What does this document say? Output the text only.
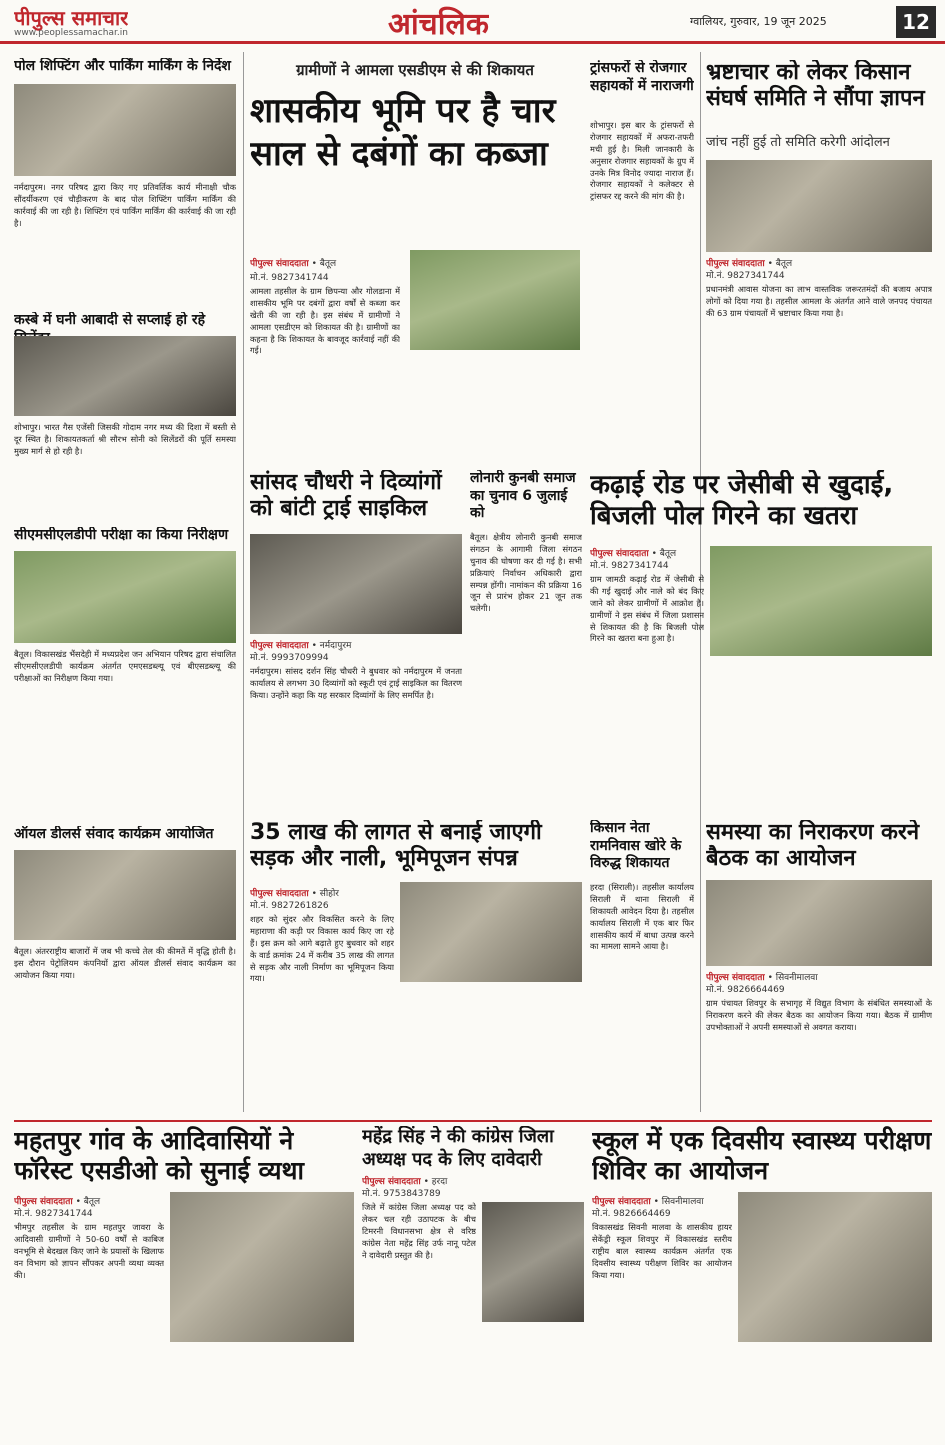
पीपुल्स समाचार
www.peoplessamachar.in	आंचलिक	ग्वालियर, गुरुवार, 19 जून 2025	12
पोल शिफ्टिंग और पार्किंग मार्किंग के निर्देश
नर्मदापुरम। नगर परिषद द्वारा किए गए प्रतिवर्तिक कार्य मीनाक्षी चौक सौंदर्यीकरण एवं चौड़ीकरण के बाद पोल शिफ्टिंग पार्किंग मार्किंग की कार्रवाई की जा रही है। शिफ्टिंग एवं पार्किंग मार्किंग की कार्रवाई की जा रही है।
कस्बे में घनी आबादी से सप्लाई हो रहे
शोभापुर। भारत गैस एजेंसी जिसकी गोदाम नगर मध्य की दिशा में बस्ती से दूर स्थित है। शिकायतकर्ता श्री सौरभ सोनी को सिलेंडरों की पूर्ति समस्या मुख्य मार्ग से हो रही है।
सीएमसीएलडीपी परीक्षा का किया निरीक्षण
बैतूल। विकासखंड भैंसदेही में मध्यप्रदेश जन अभियान परिषद द्वारा संचालित सीएमसीएलडीपी कार्यक्रम अंतर्गत एमएसडब्ल्यू एवं बीएसडब्ल्यू की परीक्षाओं का निरीक्षण किया गया।
ऑयल डीलर्स संवाद कार्यक्रम आयोजित
बैतूल। अंतरराष्ट्रीय बाजारों में जब भी कच्चे तेल की कीमतें में वृद्धि होती है। इस दौरान पेट्रोलियम कंपनियों द्वारा ऑयल डीलर्स संवाद कार्यक्रम का आयोजन किया गया।
ग्रामीणों ने आमला एसडीएम से की शिकायत
शासकीय भूमि पर है चार साल से दबंगों का कब्जा
पीपुल्स संवाददाता • बैतूल
मो.नं. 9827341744
आमला तहसील के ग्राम छिपन्या और गोलडाना में शासकीय भूमि पर दबंगों द्वारा वर्षों से कब्जा कर खेती की जा रही है। इस संबंध में ग्रामीणों ने आमला एसडीएम को शिकायत की है। ग्रामीणों का कहना है कि शिकायत के बावजूद कार्रवाई नहीं की गई।
ट्रांसफरों से रोजगार सहायकों में नाराजगी
शोभापुर। इस बार के ट्रांसफरों से रोजगार सहायकों में अफरा-तफरी मची हुई है। मिली जानकारी के अनुसार रोजगार सहायकों के ग्रुप में उनके मित्र विनोद ज्यादा नाराज हैं। रोजगार सहायकों ने कलेक्टर से ट्रांसफर रद्द करने की मांग की है।
भ्रष्टाचार को लेकर किसान संघर्ष समिति ने सौंपा ज्ञापन
जांच नहीं हुई तो समिति करेगी आंदोलन
पीपुल्स संवाददाता • बैतूल
मो.नं. 9827341744
प्रधानमंत्री आवास योजना का लाभ वास्तविक जरूरतमंदों की बजाय अपात्र लोगों को दिया गया है। तहसील आमला के अंतर्गत आने वाले जनपद पंचायत की 63 ग्राम पंचायतों में भ्रष्टाचार किया गया है।
सांसद चौधरी ने दिव्यांगों को बांटी ट्राई साइकिल
पीपुल्स संवाददाता • नर्मदापुरम
मो.नं. 9993709994
नर्मदापुरम। सांसद दर्शन सिंह चौधरी ने बुधवार को नर्मदापुरम में जनता कार्यालय से लगभग 30 दिव्यांगों को स्कूटी एवं ट्राई साइकिल का वितरण किया। उन्होंने कहा कि यह सरकार दिव्यांगों के लिए समर्पित है।
लोनारी कुनबी समाज का चुनाव 6 जुलाई को
बैतूल। क्षेत्रीय लोनारी कुनबी समाज संगठन के आगामी जिला संगठन चुनाव की घोषणा कर दी गई है। सभी प्रक्रियाएं निर्वाचन अधिकारी द्वारा सम्पन्न होंगी। नामांकन की प्रक्रिया 16 जून से प्रारंभ होकर 21 जून तक चलेगी।
कढ़ाई रोड पर जेसीबी से खुदाई, बिजली पोल गिरने का खतरा
पीपुल्स संवाददाता • बैतूल
मो.नं. 9827341744
ग्राम जामठी कढ़ाई रोड में जेसीबी से की गई खुदाई और नाले को बंद किए जाने को लेकर ग्रामीणों में आक्रोश है। ग्रामीणों ने इस संबंध में जिला प्रशासन से शिकायत की है कि बिजली पोल गिरने का खतरा बना हुआ है।
35 लाख की लागत से बनाई जाएगी सड़क और नाली, भूमिपूजन संपन्न
पीपुल्स संवाददाता • सीहोर
मो.नं. 9827261826
शहर को सुंदर और विकसित करने के लिए महाराणा की कड़ी पर विकास कार्य किए जा रहे हैं। इस क्रम को आगे बढ़ाते हुए बुधवार को शहर के वार्ड क्रमांक 24 में करीब 35 लाख की लागत से सड़क और नाली निर्माण का भूमिपूजन किया गया।
किसान नेता रामनिवास खोरे के विरुद्ध शिकायत
हरदा (सिराली)। तहसील कार्यालय सिराली में थाना सिराली में शिकायती आवेदन दिया है। तहसील कार्यालय सिराली में एक बार फिर शासकीय कार्य में बाधा उत्पन्न करने का मामला सामने आया है।
समस्या का निराकरण करने बैठक का आयोजन
पीपुल्स संवाददाता • सिवनीमालवा
मो.नं. 9826664469
ग्राम पंचायत शिवपुर के सभागृह में विद्युत विभाग के संबंधित समस्याओं के निराकरण करने की लेकर बैठक का आयोजन किया गया। बैठक में ग्रामीण उपभोक्ताओं ने अपनी समस्याओं से अवगत कराया।
महतपुर गांव के आदिवासियों ने फॉरेस्ट एसडीओ को सुनाई व्यथा
पीपुल्स संवाददाता • बैतूल
मो.नं. 9827341744
भीमपुर तहसील के ग्राम महतपुर जावरा के आदिवासी ग्रामीणों ने 50-60 वर्षों से काबिज वनभूमि से बेदखल किए जाने के प्रयासों के खिलाफ वन विभाग को ज्ञापन सौंपकर अपनी व्यथा व्यक्त की।
महेंद्र सिंह ने की कांग्रेस जिला अध्यक्ष पद के लिए दावेदारी
पीपुल्स संवाददाता • हरदा
मो.नं. 9753843789
जिले में कांग्रेस जिला अध्यक्ष पद को लेकर चल रही उठापटक के बीच टिमरनी विधानसभा क्षेत्र से वरिष्ठ कांग्रेस नेता महेंद्र सिंह उर्फ नानू पटेल ने दावेदारी प्रस्तुत की है।
स्कूल में एक दिवसीय स्वास्थ्य परीक्षण शिविर का आयोजन
पीपुल्स संवाददाता • सिवनीमालवा
मो.नं. 9826664469
विकासखंड सिवनी मालवा के शासकीय हायर सेकेंड्री स्कूल शिवपुर में विकासखंड स्तरीय राष्ट्रीय बाल स्वास्थ्य कार्यक्रम अंतर्गत एक दिवसीय स्वास्थ्य परीक्षण शिविर का आयोजन किया गया।
